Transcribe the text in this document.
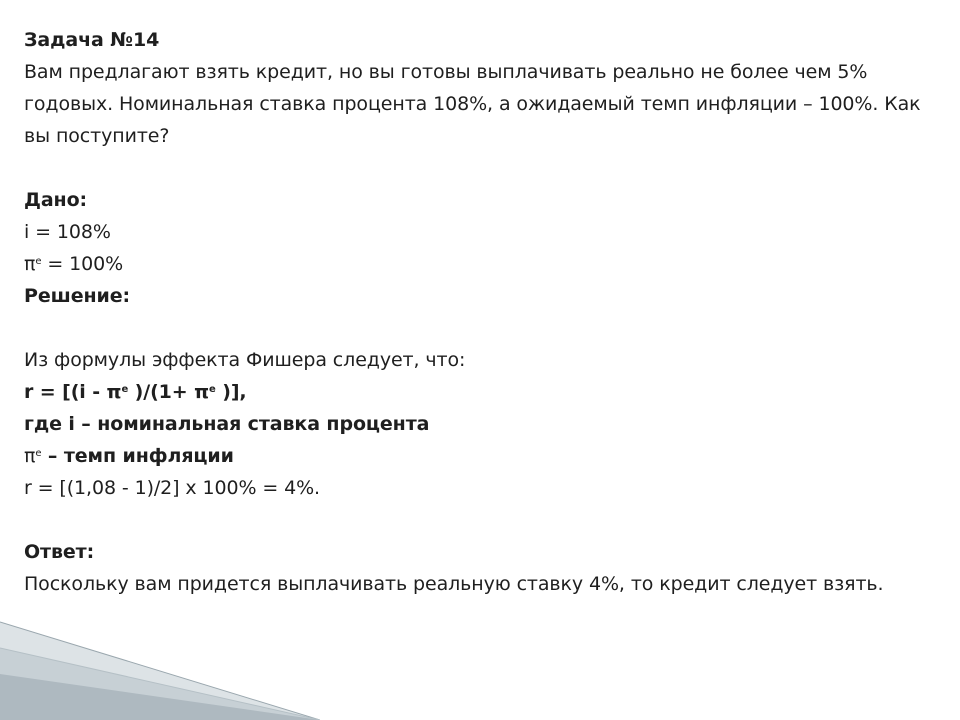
Задача №14
Вам предлагают взять кредит, но вы готовы выплачивать реально не более чем 5% годовых. Номинальная ставка процента 108%, а ожидаемый темп инфляции – 100%. Как вы поступите?
Дано:
i = 108%
$\pi^e = 100\%$
Решение:
Из формулы эффекта Фишера следует, что:
$r = [(i - \pi^e$ )$/(1+ \pi^e$ )],
где i – номинальная ставка процента
$\pi^e$ – темп инфляции
r = [(1,08 - 1)/2] x 100% = 4%.
Ответ:
Поскольку вам придется выплачивать реальную ставку 4%, то кредит следует взять.
